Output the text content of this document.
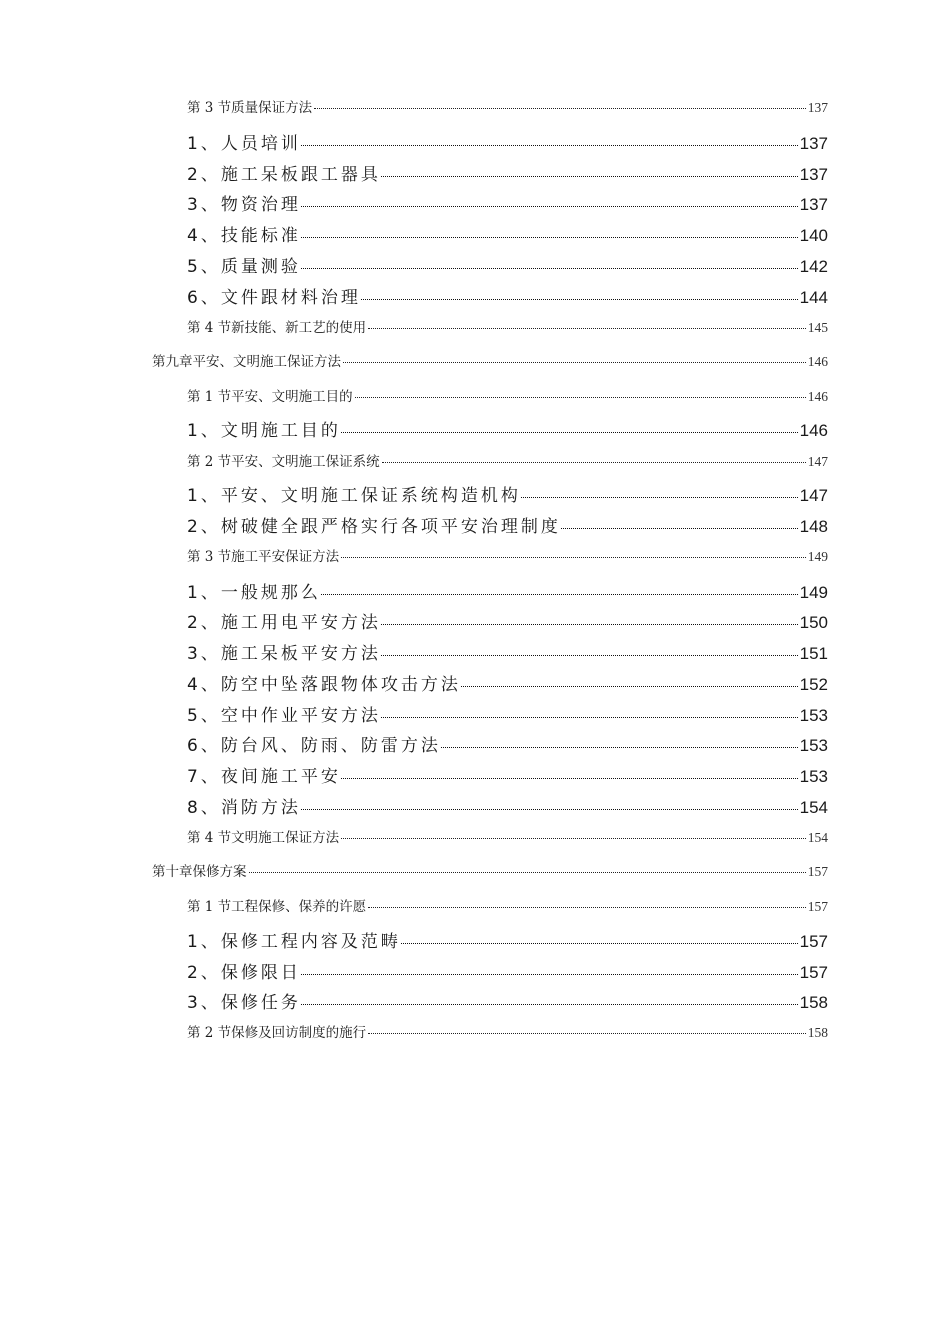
第 3 节质量保证方法	137
1、人员培训	137
2、施工呆板跟工器具	137
3、物资治理	137
4、技能标准	140
5、质量测验	142
6、文件跟材料治理	144
第 4 节新技能、新工艺的使用	145
第九章平安、文明施工保证方法	146
第 1 节平安、文明施工目的	146
1、文明施工目的	146
第 2 节平安、文明施工保证系统	147
1、平安、文明施工保证系统构造机构	147
2、树破健全跟严格实行各项平安治理制度	148
第 3 节施工平安保证方法	149
1、一般规那么	149
2、施工用电平安方法	150
3、施工呆板平安方法	151
4、防空中坠落跟物体攻击方法	152
5、空中作业平安方法	153
6、防台风、防雨、防雷方法	153
7、夜间施工平安	153
8、消防方法	154
第 4 节文明施工保证方法	154
第十章保修方案	157
第 1 节工程保修、保养的许愿	157
1、保修工程内容及范畴	157
2、保修限日	157
3、保修任务	158
第 2 节保修及回访制度的施行	158
